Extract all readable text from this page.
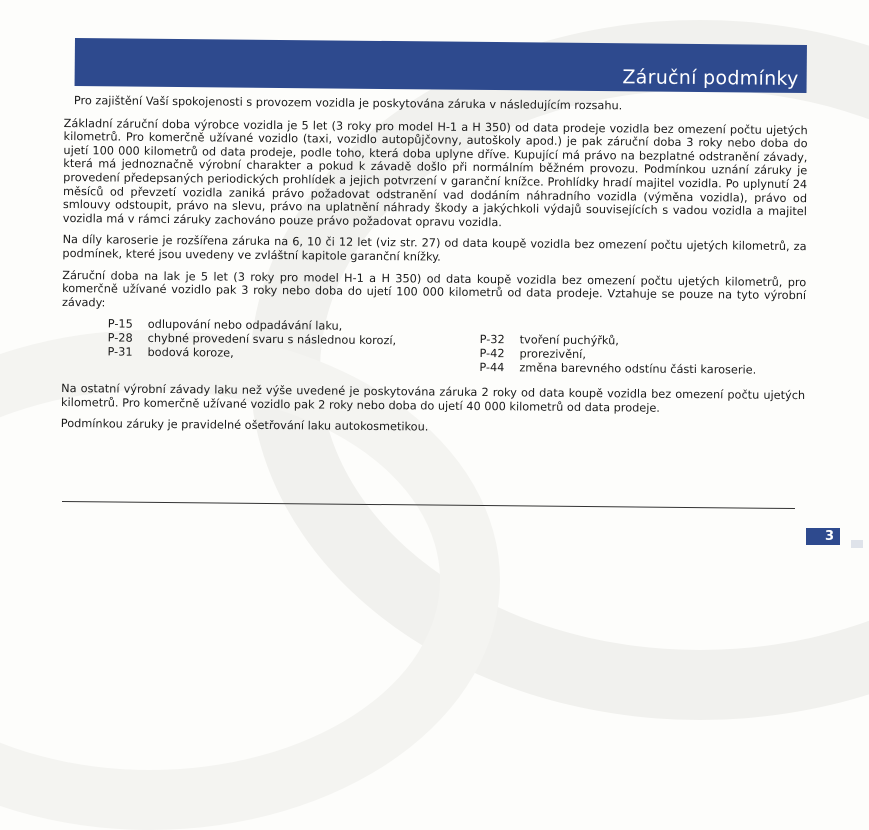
Záruční podmínky

Pro zajištění Vaší spokojenosti s provozem vozidla je poskytována záruka v následujícím rozsahu.

Základní záruční doba výrobce vozidla je 5 let (3 roky pro model H-1 a H 350) od data prodeje vozidla bez omezení počtu ujetých kilometrů. Pro komerčně užívané vozidlo (taxi, vozidlo autopůjčovny, autoškoly apod.) je pak záruční doba 3 roky nebo doba do ujetí 100 000 kilometrů od data prodeje, podle toho, která doba uplyne dříve. Kupující má právo na bezplatné odstranění závady, která má jednoznačně výrobní charakter a pokud k závadě došlo při normálním běžném provozu. Podmínkou uznání záruky je provedení předepsaných periodických prohlídek a jejich potvrzení v garanční knížce. Prohlídky hradí majitel vozidla. Po uplynutí 24 měsíců od převzetí vozidla zaniká právo požadovat odstranění vad dodáním náhradního vozidla (výměna vozidla), právo od smlouvy odstoupit, právo na slevu, právo na uplatnění náhrady škody a jakýchkoli výdajů souvisejících s vadou vozidla a majitel vozidla má v rámci záruky zachováno pouze právo požadovat opravu vozidla.

Na díly karoserie je rozšířena záruka na 6, 10 či 12 let (viz str. 27) od data koupě vozidla bez omezení počtu ujetých kilometrů, za podmínek, které jsou uvedeny ve zvláštní kapitole garanční knížky.

Záruční doba na lak je 5 let (3 roky pro model H-1 a H 350) od data koupě vozidla bez omezení počtu ujetých kilometrů, pro komerčně užívané vozidlo pak 3 roky nebo doba do ujetí 100 000 kilometrů od data prodeje. Vztahuje se pouze na tyto výrobní závady:

P-15	odlupování nebo odpadávání laku,
P-28	chybné provedení svaru s následnou korozí,
P-31	bodová koroze,
P-32	tvoření puchýřků,
P-42	prorezivění,
P-44	změna barevného odstínu části karoserie.

Na ostatní výrobní závady laku než výše uvedené je poskytována záruka 2 roky od data koupě vozidla bez omezení počtu ujetých kilometrů. Pro komerčně užívané vozidlo pak 2 roky nebo doba do ujetí 40 000 kilometrů od data prodeje.

Podmínkou záruky je pravidelné ošetřování laku autokosmetikou.

3
